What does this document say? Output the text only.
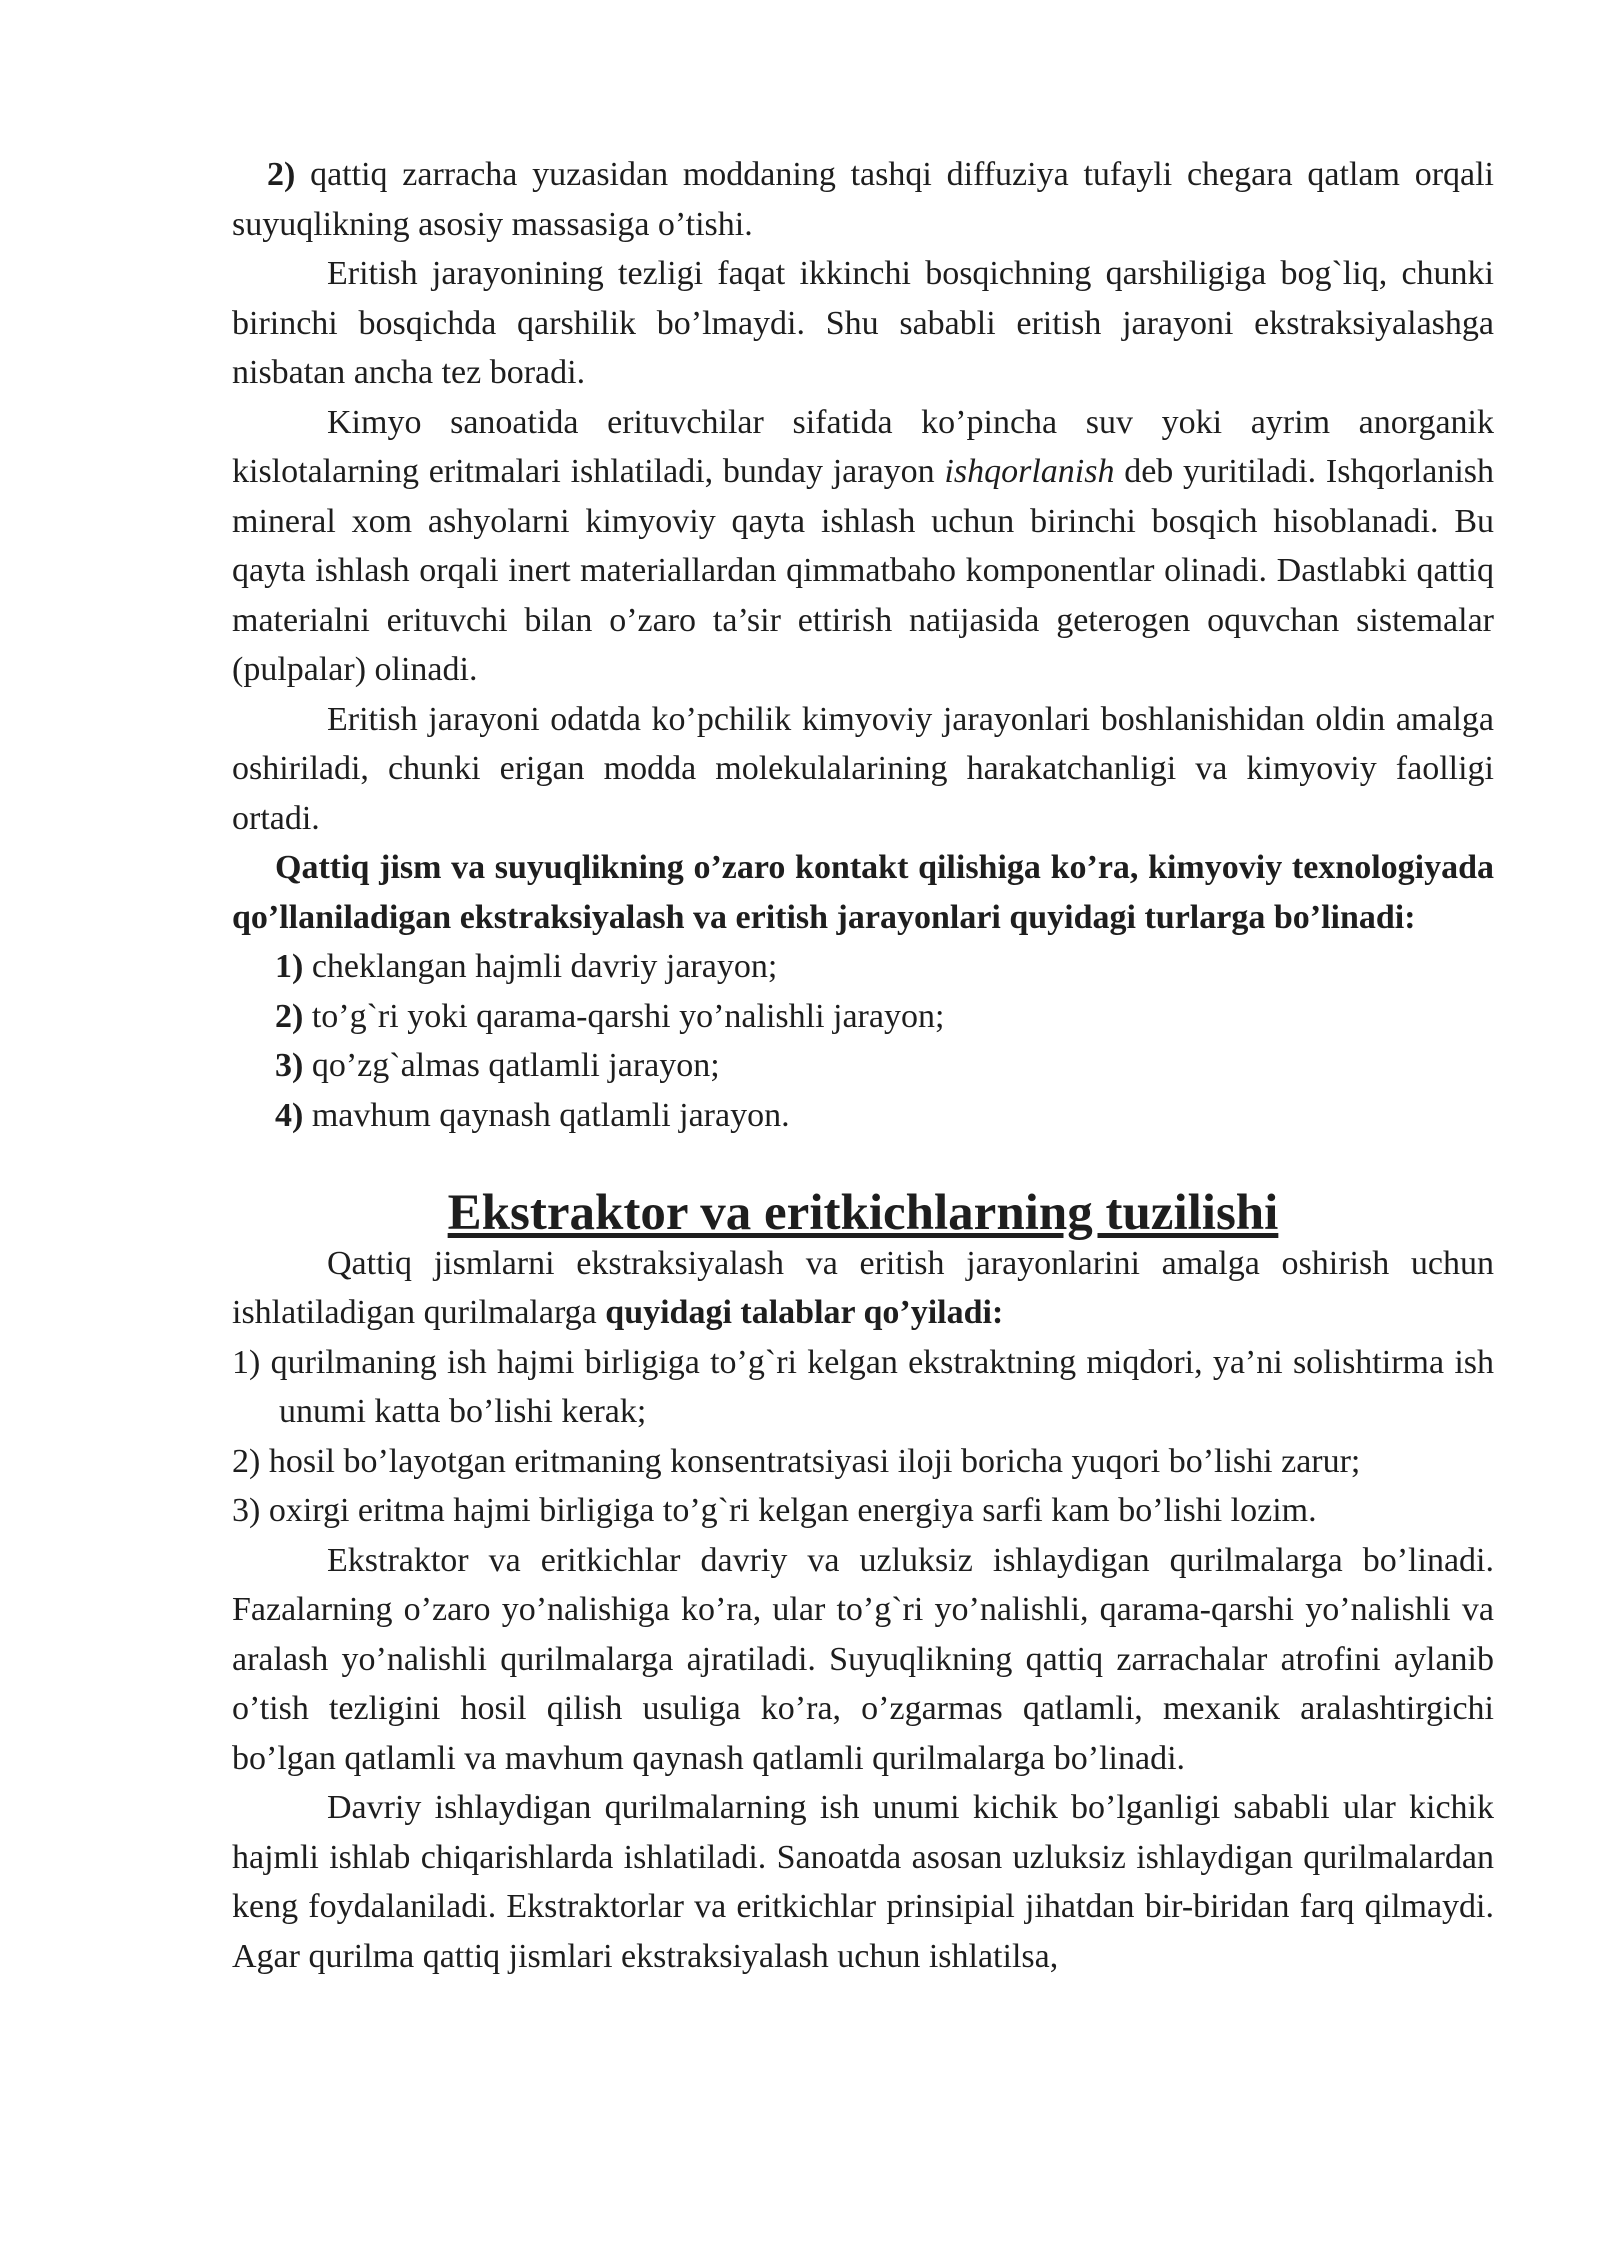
2) qattiq zarracha yuzasidan moddaning tashqi diffuziya tufayli chegara qatlam orqali suyuqlikning asosiy massasiga o’tishi.

Eritish jarayonining tezligi faqat ikkinchi bosqichning qarshiligiga bog`liq, chunki birinchi bosqichda qarshilik bo’lmaydi. Shu sababli eritish jarayoni ekstraksiyalashga nisbatan ancha tez boradi.

Kimyo sanoatida erituvchilar sifatida ko’pincha suv yoki ayrim anorganik kislotalarning eritmalari ishlatiladi, bunday jarayon ishqorlanish deb yuritiladi. Ishqorlanish mineral xom ashyolarni kimyoviy qayta ishlash uchun birinchi bosqich hisoblanadi. Bu qayta ishlash orqali inert materiallardan qimmatbaho komponentlar olinadi. Dastlabki qattiq materialni erituvchi bilan o’zaro ta’sir ettirish natijasida geterogen oquvchan sistemalar (pulpalar) olinadi.

Eritish jarayoni odatda ko’pchilik kimyoviy jarayonlari boshlanishidan oldin amalga oshiriladi, chunki erigan modda molekulalarining harakatchanligi va kimyoviy faolligi ortadi.

Qattiq jism va suyuqlikning o’zaro kontakt qilishiga ko’ra, kimyoviy texnologiyada qo’llaniladigan ekstraksiyalash va eritish jarayonlari quyidagi turlarga bo’linadi:

1) cheklangan hajmli davriy jarayon;
2) to’g`ri yoki qarama-qarshi yo’nalishli jarayon;
3) qo’zg`almas qatlamli jarayon;
4) mavhum qaynash qatlamli jarayon.
Ekstraktor va eritkichlarning tuzilishi

Qattiq jismlarni ekstraksiyalash va eritish jarayonlarini amalga oshirish uchun ishlatiladigan qurilmalarga quyidagi talablar qo’yiladi:

1) qurilmaning ish hajmi birligiga to’g`ri kelgan ekstraktning miqdori, ya’ni solishtirma ish unumi katta bo’lishi kerak;
2) hosil bo’layotgan eritmaning konsentratsiyasi iloji boricha yuqori bo’lishi zarur;
3) oxirgi eritma hajmi birligiga to’g`ri kelgan energiya sarfi kam bo’lishi lozim.

Ekstraktor va eritkichlar davriy va uzluksiz ishlaydigan qurilmalarga bo’linadi. Fazalarning o’zaro yo’nalishiga ko’ra, ular to’g`ri yo’nalishli, qarama-qarshi yo’nalishli va aralash yo’nalishli qurilmalarga ajratiladi. Suyuqlikning qattiq zarrachalar atrofini aylanib o’tish tezligini hosil qilish usuliga ko’ra, o’zgarmas qatlamli, mexanik aralashtirgichi bo’lgan qatlamli va mavhum qaynash qatlamli qurilmalarga bo’linadi.

Davriy ishlaydigan qurilmalarning ish unumi kichik bo’lganligi sababli ular kichik hajmli ishlab chiqarishlarda ishlatiladi. Sanoatda asosan uzluksiz ishlaydigan qurilmalardan keng foydalaniladi. Ekstraktorlar va eritkichlar prinsipial jihatdan bir-biridan farq qilmaydi. Agar qurilma qattiq jismlari ekstraksiyalash uchun ishlatilsa,
